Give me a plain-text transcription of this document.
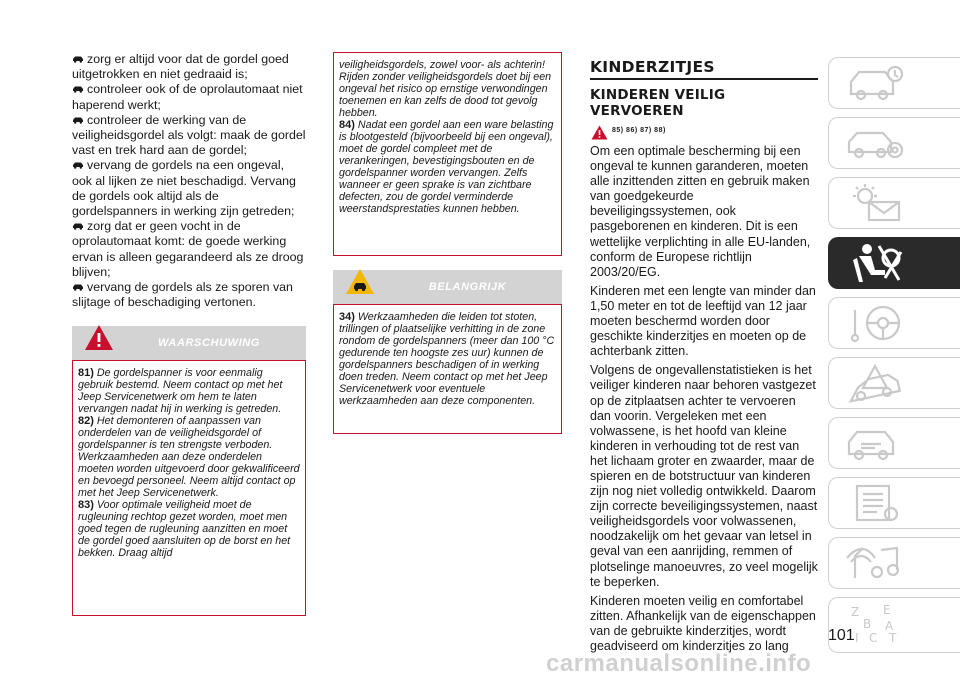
zorg er altijd voor dat de gordel goed uitgetrokken en niet gedraaid is;
controleer ook of de oprolautomaat niet haperend werkt;
controleer de werking van de veiligheidsgordel als volgt: maak de gordel vast en trek hard aan de gordel;
vervang de gordels na een ongeval, ook al lijken ze niet beschadigd. Vervang de gordels ook altijd als de gordelspanners in werking zijn getreden;
zorg dat er geen vocht in de oprolautomaat komt: de goede werking ervan is alleen gegarandeerd als ze droog blijven;
vervang de gordels als ze sporen van slijtage of beschadiging vertonen.
WAARSCHUWING
81) De gordelspanner is voor eenmalig gebruik bestemd. Neem contact op met het Jeep Servicenetwerk om hem te laten vervangen nadat hij in werking is getreden.
82) Het demonteren of aanpassen van onderdelen van de veiligheidsgordel of gordelspanner is ten strengste verboden. Werkzaamheden aan deze onderdelen moeten worden uitgevoerd door gekwalificeerd en bevoegd personeel. Neem altijd contact op met het Jeep Servicenetwerk.
83) Voor optimale veiligheid moet de rugleuning rechtop gezet worden, moet men goed tegen de rugleuning aanzitten en moet de gordel goed aansluiten op de borst en het bekken. Draag altijd
veiligheidsgordels, zowel voor- als achterin! Rijden zonder veiligheidsgordels doet bij een ongeval het risico op ernstige verwondingen toenemen en kan zelfs de dood tot gevolg hebben.
84) Nadat een gordel aan een ware belasting is blootgesteld (bijvoorbeeld bij een ongeval), moet de gordel compleet met de verankeringen, bevestigingsbouten en de gordelspanner worden vervangen. Zelfs wanneer er geen sprake is van zichtbare defecten, zou de gordel verminderde weerstandsprestaties kunnen hebben.
BELANGRIJK
34) Werkzaamheden die leiden tot stoten, trillingen of plaatselijke verhitting in de zone rondom de gordelspanners (meer dan 100 °C gedurende ten hoogste zes uur) kunnen de gordelspanners beschadigen of in werking doen treden. Neem contact op met het Jeep Servicenetwerk voor eventuele werkzaamheden aan deze componenten.
KINDERZITJES
KINDEREN VEILIG VERVOEREN
85) 86) 87) 88)

Om een optimale bescherming bij een ongeval te kunnen garanderen, moeten alle inzittenden zitten en gebruik maken van goedgekeurde beveiligingssystemen, ook pasgeborenen en kinderen. Dit is een wettelijke verplichting in alle EU-landen, conform de Europese richtlijn 2003/20/EG.

Kinderen met een lengte van minder dan 1,50 meter en tot de leeftijd van 12 jaar moeten beschermd worden door geschikte kinderzitjes en moeten op de achterbank zitten.

Volgens de ongevallenstatistieken is het veiliger kinderen naar behoren vastgezet op de zitplaatsen achter te vervoeren dan voorin. Vergeleken met een volwassene, is het hoofd van kleine kinderen in verhouding tot de rest van het lichaam groter en zwaarder, maar de spieren en de botstructuur van kinderen zijn nog niet volledig ontwikkeld. Daarom zijn correcte beveiligingssystemen, naast veiligheidsgordels voor volwassenen, noodzakelijk om het gevaar van letsel in geval van een aanrijding, remmen of plotselinge manoeuvres, zo veel mogelijk te beperken.

Kinderen moeten veilig en comfortabel zitten. Afhankelijk van de eigenschappen van de gebruikte kinderzitjes, wordt geadviseerd om kinderzitjes zo lang

Z E
B A
I C T
101
carmanualsonline.info
